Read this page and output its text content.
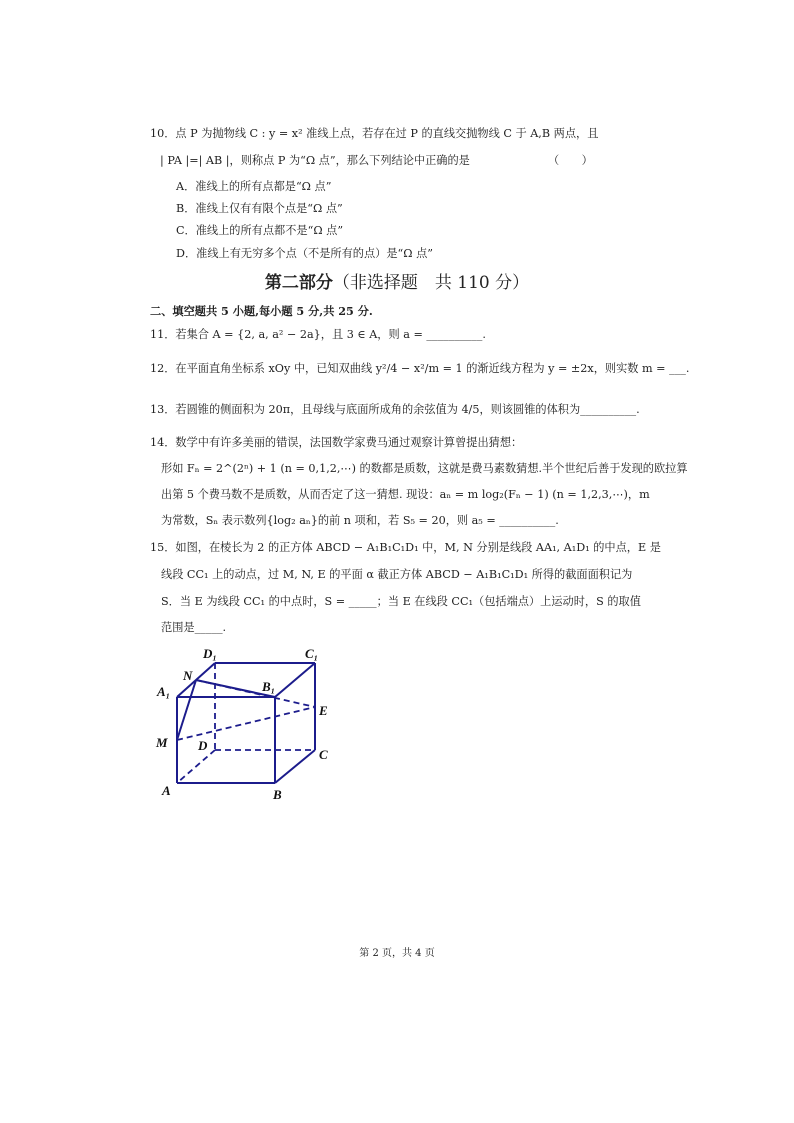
10．点 P 为抛物线 C : y = x² 准线上点，若存在过 P 的直线交抛物线 C 于 A,B 两点，且
| PA |=| AB |，则称点 P 为“Ω 点”，那么下列结论中正确的是	（　　）
A．准线上的所有点都是“Ω 点”
B．准线上仅有有限个点是“Ω 点”
C．准线上的所有点都不是“Ω 点”
D．准线上有无穷多个点（不是所有的点）是“Ω 点”
第二部分（非选择题　共 110 分）
二、填空题共 5 小题,每小题 5 分,共 25 分.
11．若集合 A = {2, a, a² − 2a}，且 3 ∈ A，则 a = __________.
12．在平面直角坐标系 xOy 中，已知双曲线 y²/4 − x²/m = 1 的渐近线方程为 y = ±2x，则实数 m = ___.
13．若圆锥的侧面积为 20π，且母线与底面所成角的余弦值为 4/5，则该圆锥的体积为__________.
14．数学中有许多美丽的错误，法国数学家费马通过观察计算曾提出猜想：
形如 Fₙ = 2^(2ⁿ) + 1 (n = 0,1,2,⋯) 的数都是质数，这就是费马素数猜想.半个世纪后善于发现的欧拉算
出第 5 个费马数不是质数，从而否定了这一猜想. 现设：aₙ = m log₂(Fₙ − 1) (n = 1,2,3,⋯)，m
为常数，Sₙ 表示数列{log₂ aₙ}的前 n 项和，若 S₅ = 20，则 a₅ = __________.
15．如图，在棱长为 2 的正方体 ABCD − A₁B₁C₁D₁ 中，M, N 分别是线段 AA₁, A₁D₁ 的中点，E 是
线段 CC₁ 上的动点，过 M, N, E 的平面 α 截正方体 ABCD − A₁B₁C₁D₁ 所得的截面面积记为
S．当 E 为线段 CC₁ 的中点时，S = _____；当 E 在线段 CC₁（包括端点）上运动时，S 的取值
范围是_____.
D₁	C₁
N
A₁	B₁
E
M D
C
A	B
第 2 页，共 4 页
